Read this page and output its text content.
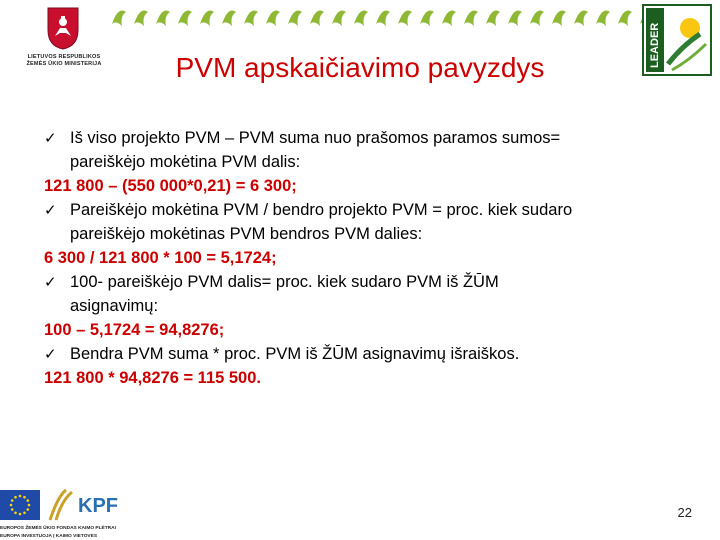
LIETUVOS RESPUBLIKOS
ŽEMĖS ŪKIO MINISTERIJA	LEADER
PVM apskaičiavimo pavyzdys
✓ Iš viso projekto PVM – PVM suma nuo prašomos paramos sumos=
pareiškėjo mokėtina PVM dalis:
121 800 – (550 000*0,21) = 6 300;
✓ Pareiškėjo mokėtina PVM / bendro projekto PVM = proc. kiek sudaro
pareiškėjo mokėtinas PVM bendros PVM dalies:
6 300 / 121 800 * 100 = 5,1724;
✓ 100- pareiškėjo PVM dalis= proc. kiek sudaro PVM iš ŽŪM
asignavimų:
100 – 5,1724 = 94,8276;
✓ Bendra PVM suma * proc. PVM iš ŽŪM asignavimų išraiškos.
121 800 * 94,8276 = 115 500.
KPF
EUROPOS ŽEMĖS ŪKIO FONDAS KAIMO PLĖTRAI
EUROPA INVESTUOJA Į KAIMO VIETOVES
22
